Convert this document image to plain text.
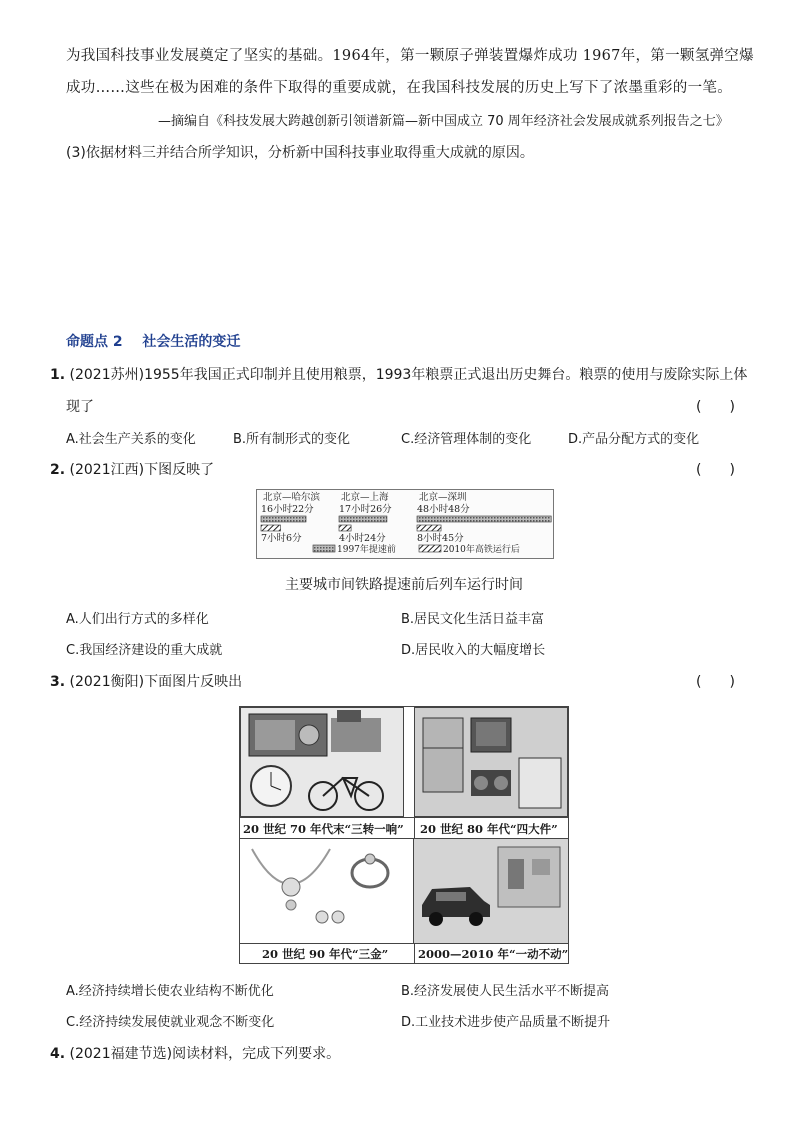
为我国科技事业发展奠定了坚实的基础。1964年，第一颗原子弹装置爆炸成功 1967年，第一颗氢弹空爆
成功……这些在极为困难的条件下取得的重要成就，在我国科技发展的历史上写下了浓墨重彩的一笔。
—摘编自《科技发展大跨越创新引领谱新篇—新中国成立 70 周年经济社会发展成就系列报告之七》
(3)依据材料三并结合所学知识，分析新中国科技事业取得重大成就的原因。
命题点 2 社会生活的变迁
1. (2021苏州)1955年我国正式印制并且使用粮票，1993年粮票正式退出历史舞台。粮票的使用与废除实际上体
现了	(　　)
A.社会生产关系的变化	B.所有制形式的变化	C.经济管理体制的变化	D.产品分配方式的变化
2. (2021江西)下图反映了	(　　)
北京—哈尔滨
16小时22分
7小时6分
北京—上海
17小时26分
4小时24分
北京—深圳
48小时48分
8小时45分
1997年提速前	2010年高铁运行后
主要城市间铁路提速前后列车运行时间
A.人们出行方式的多样化	B.居民文化生活日益丰富
C.我国经济建设的重大成就	D.居民收入的大幅度增长
3. (2021衡阳)下面图片反映出	(　　)
20 世纪 70 年代末“三转一响” 20 世纪 80 年代“四大件”
20 世纪 90 年代“三金”	2000—2010 年“一动不动”
A.经济持续增长使农业结构不断优化	B.经济发展使人民生活水平不断提高
C.经济持续发展使就业观念不断变化	D.工业技术进步使产品质量不断提升
4. (2021福建节选)阅读材料，完成下列要求。
